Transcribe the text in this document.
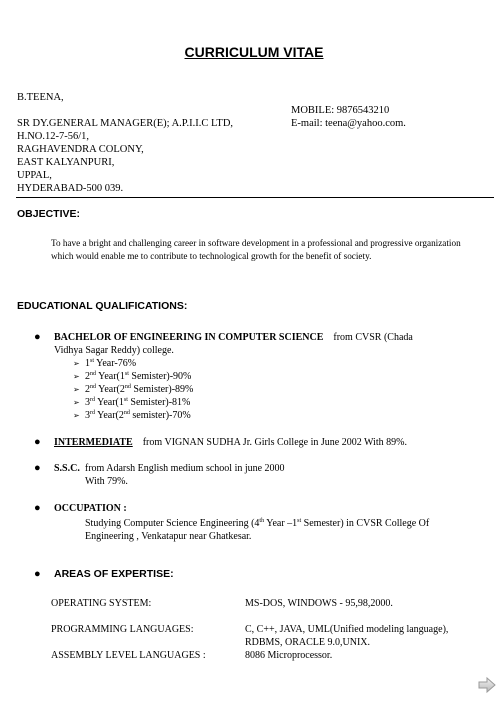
CURRICULUM VITAE
B.TEENA,
SR DY.GENERAL MANAGER(E); A.P.I.I.C LTD,
H.NO.12-7-56/1,
RAGHAVENDRA COLONY,
EAST KALYANPURI,
UPPAL,
HYDERABAD-500 039.
MOBILE: 9876543210
E-mail: teena@yahoo.com.
OBJECTIVE:
To have a bright and challenging career in software development in a professional and progressive organization which would enable me to contribute to technological growth for the benefit of society.
EDUCATIONAL QUALIFICATIONS:
● BACHELOR OF ENGINEERING IN COMPUTER SCIENCE from CVSR (Chada
Vidhya Sagar Reddy) college.
➢ 1st Year-76%
➢ 2nd Year(1st Semister)-90%
➢ 2nd Year(2nd Semister)-89%
➢ 3rd Year(1st Semister)-81%
➢ 3rd Year(2nd semister)-70%
● INTERMEDIATE from VIGNAN SUDHA Jr. Girls College in June 2002 With 89%.
● S.S.C. from Adarsh English medium school in june 2000
With 79%.
● OCCUPATION :
Studying Computer Science Engineering (4th Year –1st Semester) in CVSR College Of
Engineering , Venkatapur near Ghatkesar.
● AREAS OF EXPERTISE:
OPERATING SYSTEM:	MS-DOS, WINDOWS - 95,98,2000.
PROGRAMMING LANGUAGES:	C, C++, JAVA, UML(Unified modeling language),
RDBMS, ORACLE 9.0,UNIX.
ASSEMBLY LEVEL LANGUAGES :	8086 Microprocessor.
